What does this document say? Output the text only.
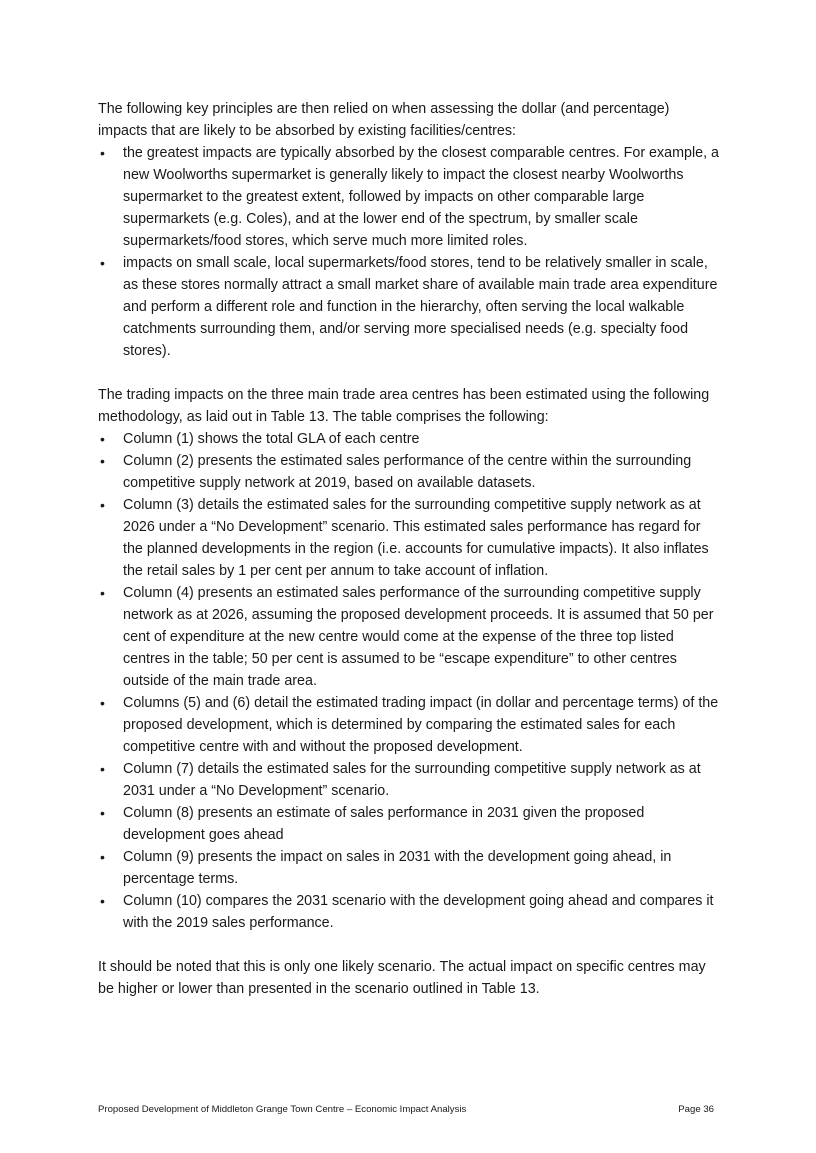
The following key principles are then relied on when assessing the dollar (and percentage) impacts that are likely to be absorbed by existing facilities/centres:

• the greatest impacts are typically absorbed by the closest comparable centres. For example, a new Woolworths supermarket is generally likely to impact the closest nearby Woolworths supermarket to the greatest extent, followed by impacts on other comparable large supermarkets (e.g. Coles), and at the lower end of the spectrum, by smaller scale supermarkets/food stores, which serve much more limited roles.
• impacts on small scale, local supermarkets/food stores, tend to be relatively smaller in scale, as these stores normally attract a small market share of available main trade area expenditure and perform a different role and function in the hierarchy, often serving the local walkable catchments surrounding them, and/or serving more specialised needs (e.g. specialty food stores).

The trading impacts on the three main trade area centres has been estimated using the following methodology, as laid out in Table 13. The table comprises the following:

• Column (1) shows the total GLA of each centre
• Column (2) presents the estimated sales performance of the centre within the surrounding competitive supply network at 2019, based on available datasets.
• Column (3) details the estimated sales for the surrounding competitive supply network as at 2026 under a “No Development” scenario. This estimated sales performance has regard for the planned developments in the region (i.e. accounts for cumulative impacts). It also inflates the retail sales by 1 per cent per annum to take account of inflation.
• Column (4) presents an estimated sales performance of the surrounding competitive supply network as at 2026, assuming the proposed development proceeds. It is assumed that 50 per cent of expenditure at the new centre would come at the expense of the three top listed centres in the table; 50 per cent is assumed to be “escape expenditure” to other centres outside of the main trade area.
• Columns (5) and (6) detail the estimated trading impact (in dollar and percentage terms) of the proposed development, which is determined by comparing the estimated sales for each competitive centre with and without the proposed development.
• Column (7) details the estimated sales for the surrounding competitive supply network as at 2031 under a “No Development” scenario.
• Column (8) presents an estimate of sales performance in 2031 given the proposed development goes ahead
• Column (9) presents the impact on sales in 2031 with the development going ahead, in percentage terms.
• Column (10) compares the 2031 scenario with the development going ahead and compares it with the 2019 sales performance.

It should be noted that this is only one likely scenario. The actual impact on specific centres may be higher or lower than presented in the scenario outlined in Table 13.

Proposed Development of Middleton Grange Town Centre – Economic Impact Analysis	Page 36
